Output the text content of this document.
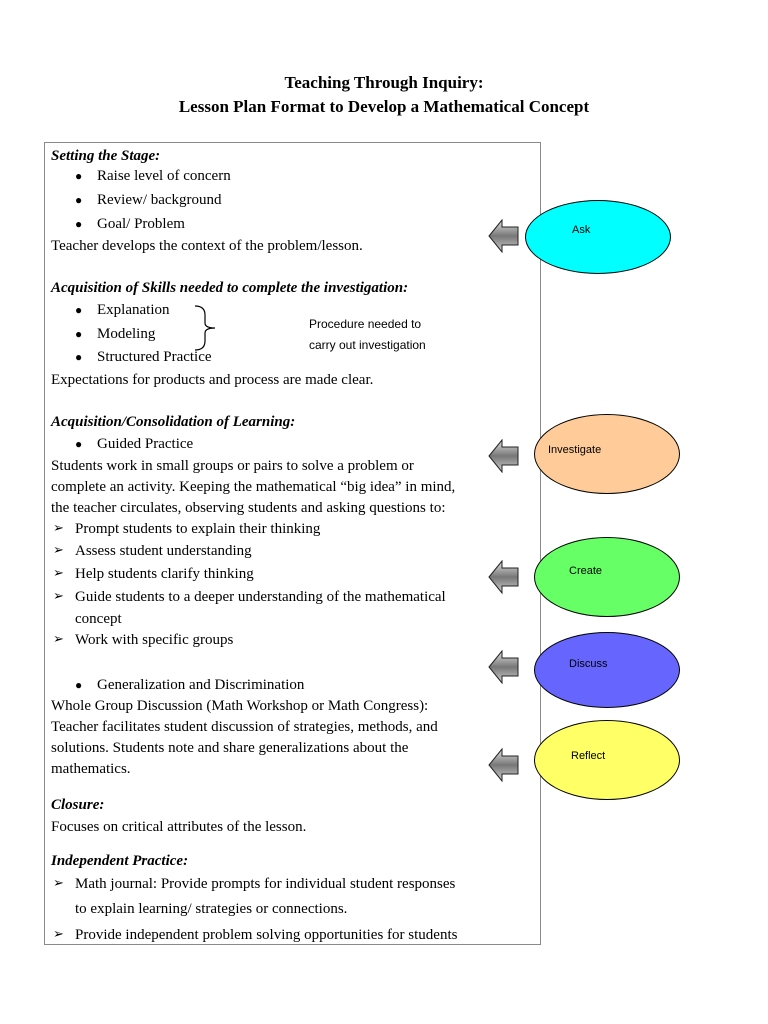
Teaching Through Inquiry:
Lesson Plan Format to Develop a Mathematical Concept
Setting the Stage:
● Raise level of concern
● Review/ background
● Goal/ Problem
Teacher develops the context of the problem/lesson.
Acquisition of Skills needed to complete the investigation:
● Explanation
● Modeling
● Structured Practice
Procedure needed to
carry out investigation
Expectations for products and process are made clear.
Acquisition/Consolidation of Learning:
● Guided Practice
Students work in small groups or pairs to solve a problem or
complete an activity. Keeping the mathematical “big idea” in mind,
the teacher circulates, observing students and asking questions to:
➢ Prompt students to explain their thinking
➢ Assess student understanding
➢ Help students clarify thinking
➢ Guide students to a deeper understanding of the mathematical
concept
➢ Work with specific groups
● Generalization and Discrimination
Whole Group Discussion (Math Workshop or Math Congress):
Teacher facilitates student discussion of strategies, methods, and
solutions. Students note and share generalizations about the
mathematics.
Closure:
Focuses on critical attributes of the lesson.
Independent Practice:
➢ Math journal: Provide prompts for individual student responses
to explain learning/ strategies or connections.
➢ Provide independent problem solving opportunities for students
Ask
Investigate
Create
Discuss
Reflect
